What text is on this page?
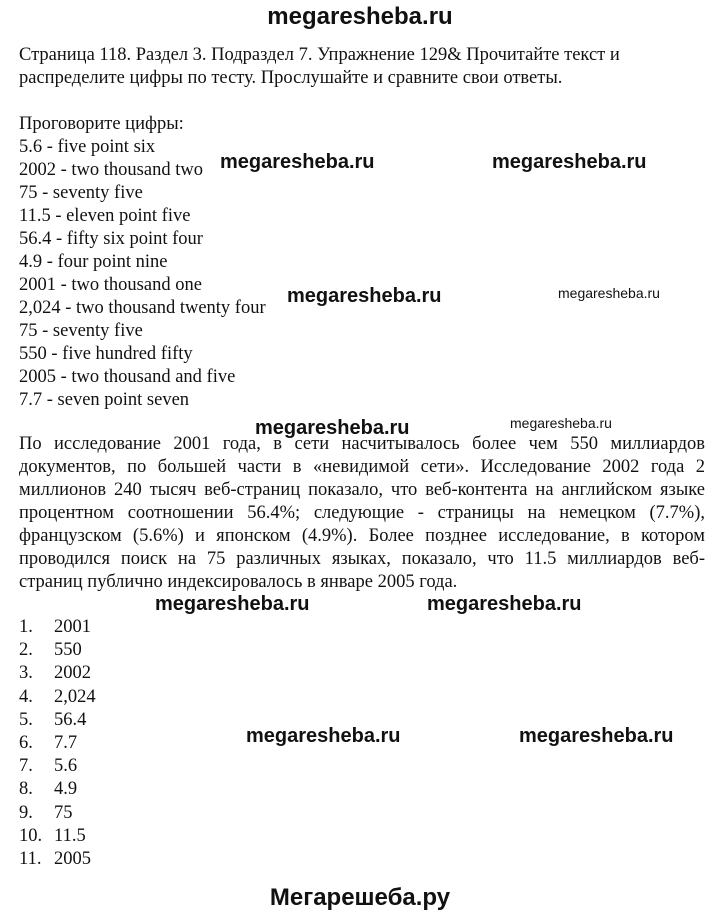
megaresheba.ru
Страница 118. Раздел 3. Подраздел 7. Упражнение 129& Прочитайте текст и распределите цифры по тесту. Прослушайте и сравните свои ответы.
Проговорите цифры:
5.6 - five point six
2002 - two thousand two
75 - seventy five
11.5 - eleven point five
56.4 - fifty six point four
4.9 - four point nine
2001 - two thousand one
2,024 - two thousand twenty four
75 - seventy five
550 - five hundred fifty
2005 - two thousand and five
7.7 - seven point seven
По исследование 2001 года, в сети насчитывалось более чем 550 миллиардов документов, по большей части в «невидимой сети». Исследование 2002 года 2 миллионов 240 тысяч веб-страниц показало, что веб-контента на английском языке процентном соотношении 56.4%; следующие - страницы на немецком (7.7%), французском (5.6%) и японском (4.9%). Более позднее исследование, в котором проводился поиск на 75 различных языках, показало, что 11.5 миллиардов веб-страниц публично индексировалось в январе 2005 года.
1.	2001
2.	550
3.	2002
4.	2,024
5.	56.4
6.	7.7
7.	5.6
8.	4.9
9.	75
10. 11.5
11. 2005
megaresheba.ru	megaresheba.ru
megaresheba.ru	megaresheba.ru
megaresheba.ru	megaresheba.ru
megaresheba.ru	megaresheba.ru
megaresheba.ru	megaresheba.ru
Мегарешеба.ру
